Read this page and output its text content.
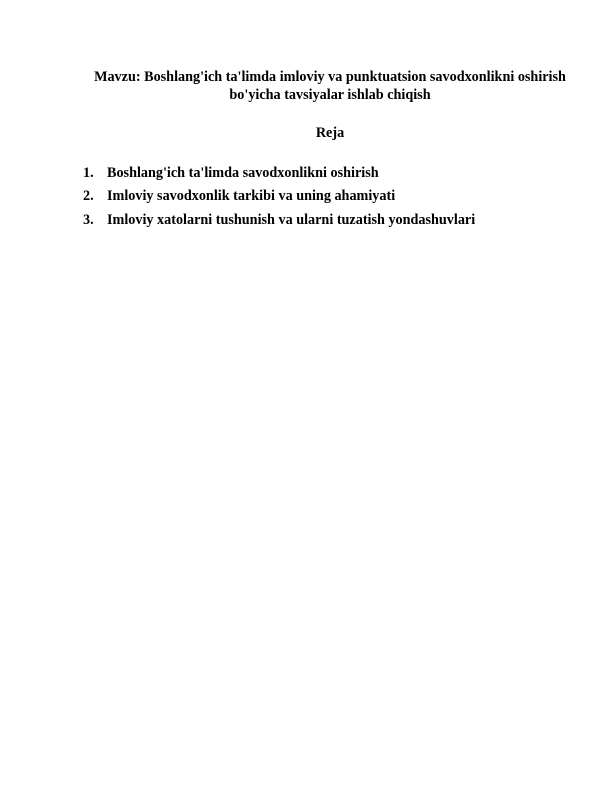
Mavzu: Boshlang'ich ta'limda imloviy va punktuatsion savodxonlikni oshirish
bo'yicha tavsiyalar ishlab chiqish
Reja
1. Boshlang'ich ta'limda savodxonlikni oshirish
2. Imloviy savodxonlik tarkibi va uning ahamiyati
3. Imloviy xatolarni tushunish va ularni tuzatish yondashuvlari
